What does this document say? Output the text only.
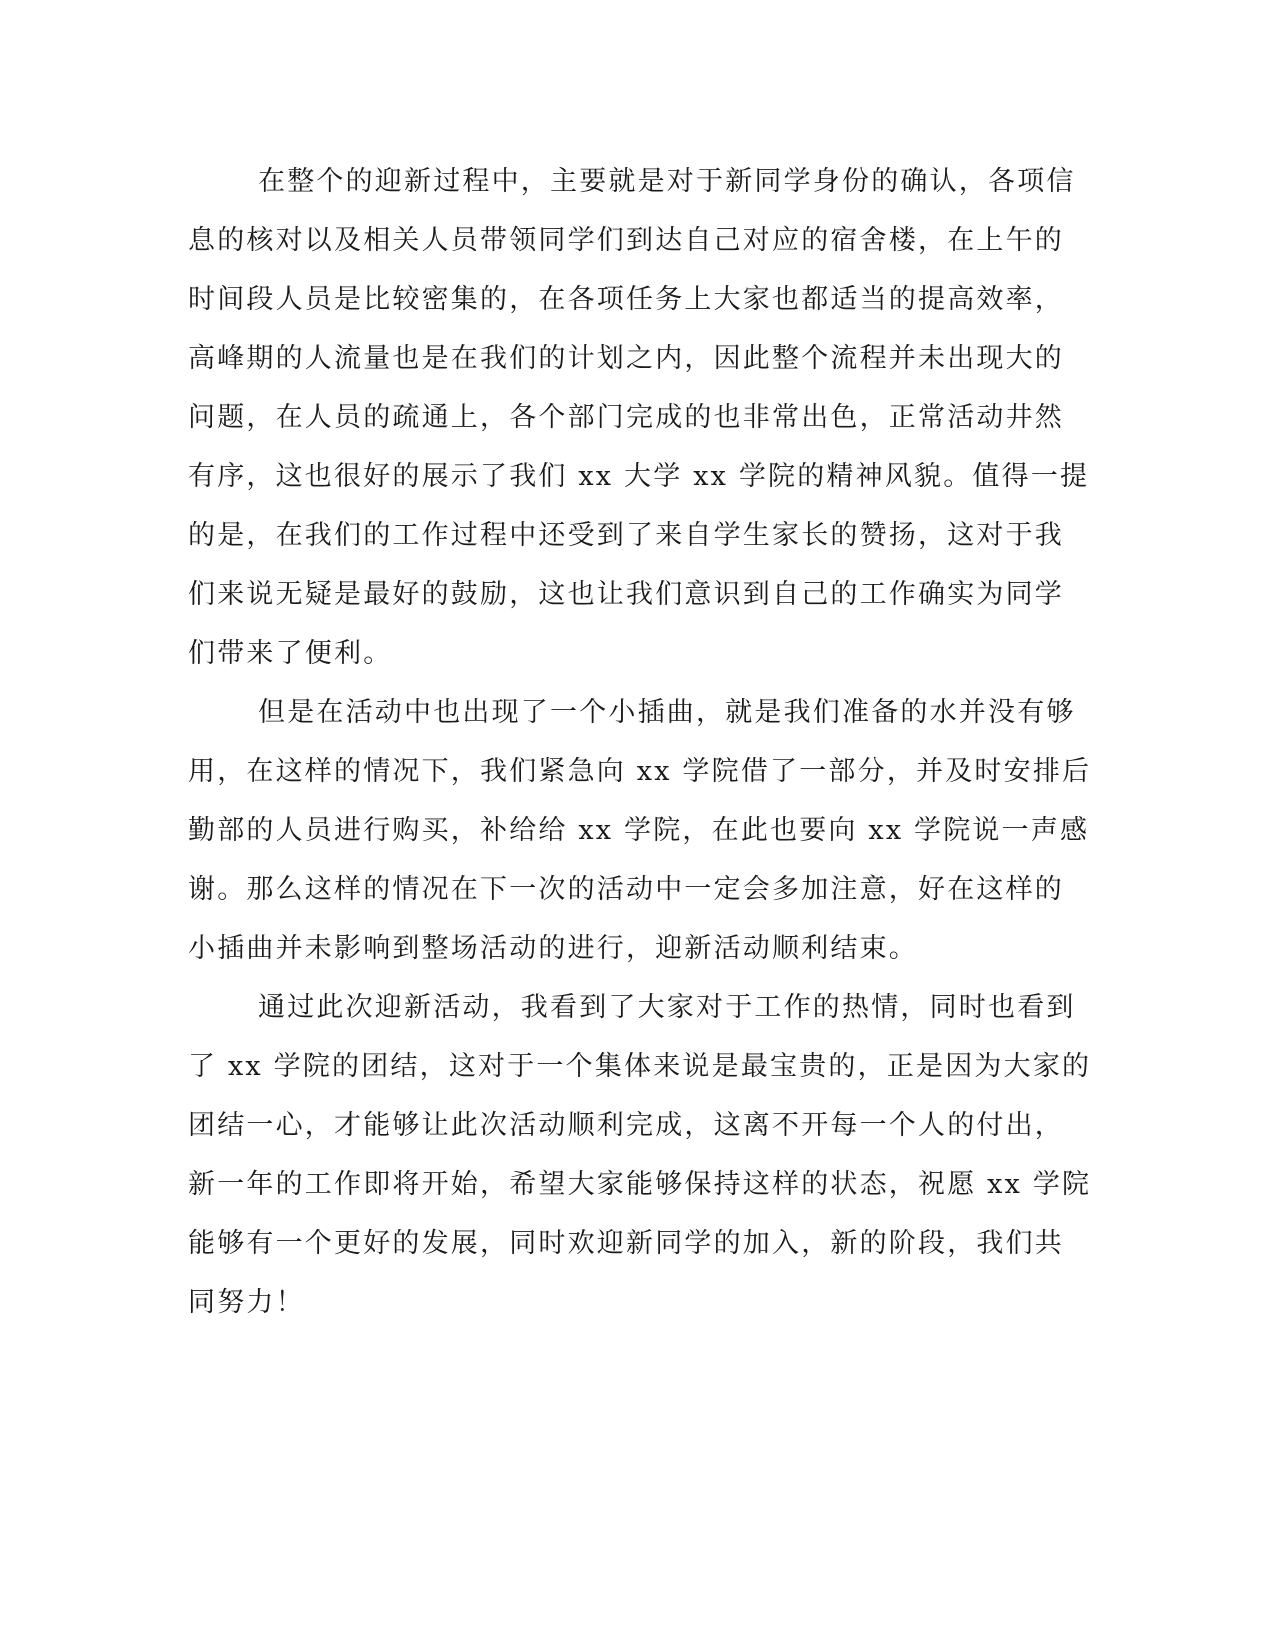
在整个的迎新过程中，主要就是对于新同学身份的确认，各项信
息的核对以及相关人员带领同学们到达自己对应的宿舍楼，在上午的
时间段人员是比较密集的，在各项任务上大家也都适当的提高效率，
高峰期的人流量也是在我们的计划之内，因此整个流程并未出现大的
问题，在人员的疏通上，各个部门完成的也非常出色，正常活动井然
有序，这也很好的展示了我们 xx 大学 xx 学院的精神风貌。值得一提
的是，在我们的工作过程中还受到了来自学生家长的赞扬，这对于我
们来说无疑是最好的鼓励，这也让我们意识到自己的工作确实为同学
们带来了便利。
但是在活动中也出现了一个小插曲，就是我们准备的水并没有够
用，在这样的情况下，我们紧急向 xx 学院借了一部分，并及时安排后
勤部的人员进行购买，补给给 xx 学院，在此也要向 xx 学院说一声感
谢。那么这样的情况在下一次的活动中一定会多加注意，好在这样的
小插曲并未影响到整场活动的进行，迎新活动顺利结束。
通过此次迎新活动，我看到了大家对于工作的热情，同时也看到
了 xx 学院的团结，这对于一个集体来说是最宝贵的，正是因为大家的
团结一心，才能够让此次活动顺利完成，这离不开每一个人的付出，
新一年的工作即将开始，希望大家能够保持这样的状态，祝愿 xx 学院
能够有一个更好的发展，同时欢迎新同学的加入，新的阶段，我们共
同努力！
